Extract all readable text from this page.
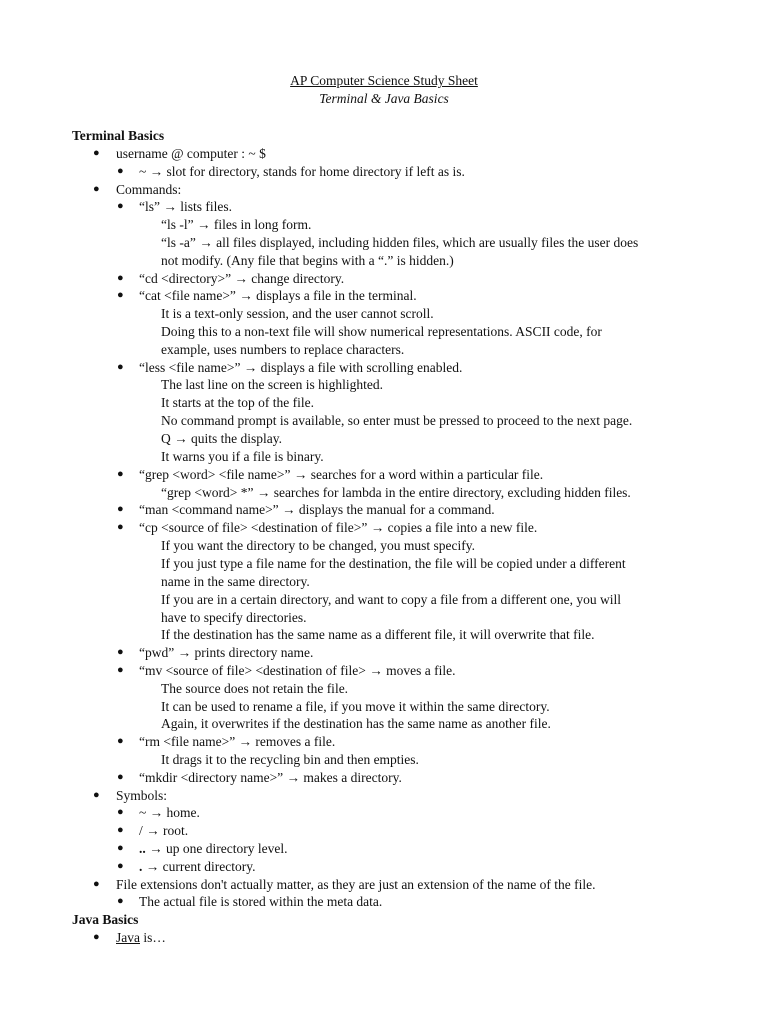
AP Computer Science Study Sheet
Terminal & Java Basics
Terminal Basics
● username @ computer : ~ $
● ~ → slot for directory, stands for home directory if left as is.
● Commands:
● “ls” → lists files.
“ls -l” → files in long form.
“ls -a” → all files displayed, including hidden files, which are usually files the user does
not modify. (Any file that begins with a “.” is hidden.)
● “cd <directory>” → change directory.
● “cat <file name>” → displays a file in the terminal.
It is a text-only session, and the user cannot scroll.
Doing this to a non-text file will show numerical representations. ASCII code, for
example, uses numbers to replace characters.
● “less <file name>” → displays a file with scrolling enabled.
The last line on the screen is highlighted.
It starts at the top of the file.
No command prompt is available, so enter must be pressed to proceed to the next page.
Q → quits the display.
It warns you if a file is binary.
● “grep <word> <file name>” → searches for a word within a particular file.
“grep <word> *” → searches for lambda in the entire directory, excluding hidden files.
● “man <command name>” → displays the manual for a command.
● “cp <source of file> <destination of file>” → copies a file into a new file.
If you want the directory to be changed, you must specify.
If you just type a file name for the destination, the file will be copied under a different
name in the same directory.
If you are in a certain directory, and want to copy a file from a different one, you will
have to specify directories.
If the destination has the same name as a different file, it will overwrite that file.
● “pwd” → prints directory name.
● “mv <source of file> <destination of file> → moves a file.
The source does not retain the file.
It can be used to rename a file, if you move it within the same directory.
Again, it overwrites if the destination has the same name as another file.
● “rm <file name>” → removes a file.
It drags it to the recycling bin and then empties.
● “mkdir <directory name>” → makes a directory.
● Symbols:
● ~ → home.
● / → root.
● .. → up one directory level.
● . → current directory.
● File extensions don't actually matter, as they are just an extension of the name of the file.
● The actual file is stored within the meta data.
Java Basics
● Java is…
